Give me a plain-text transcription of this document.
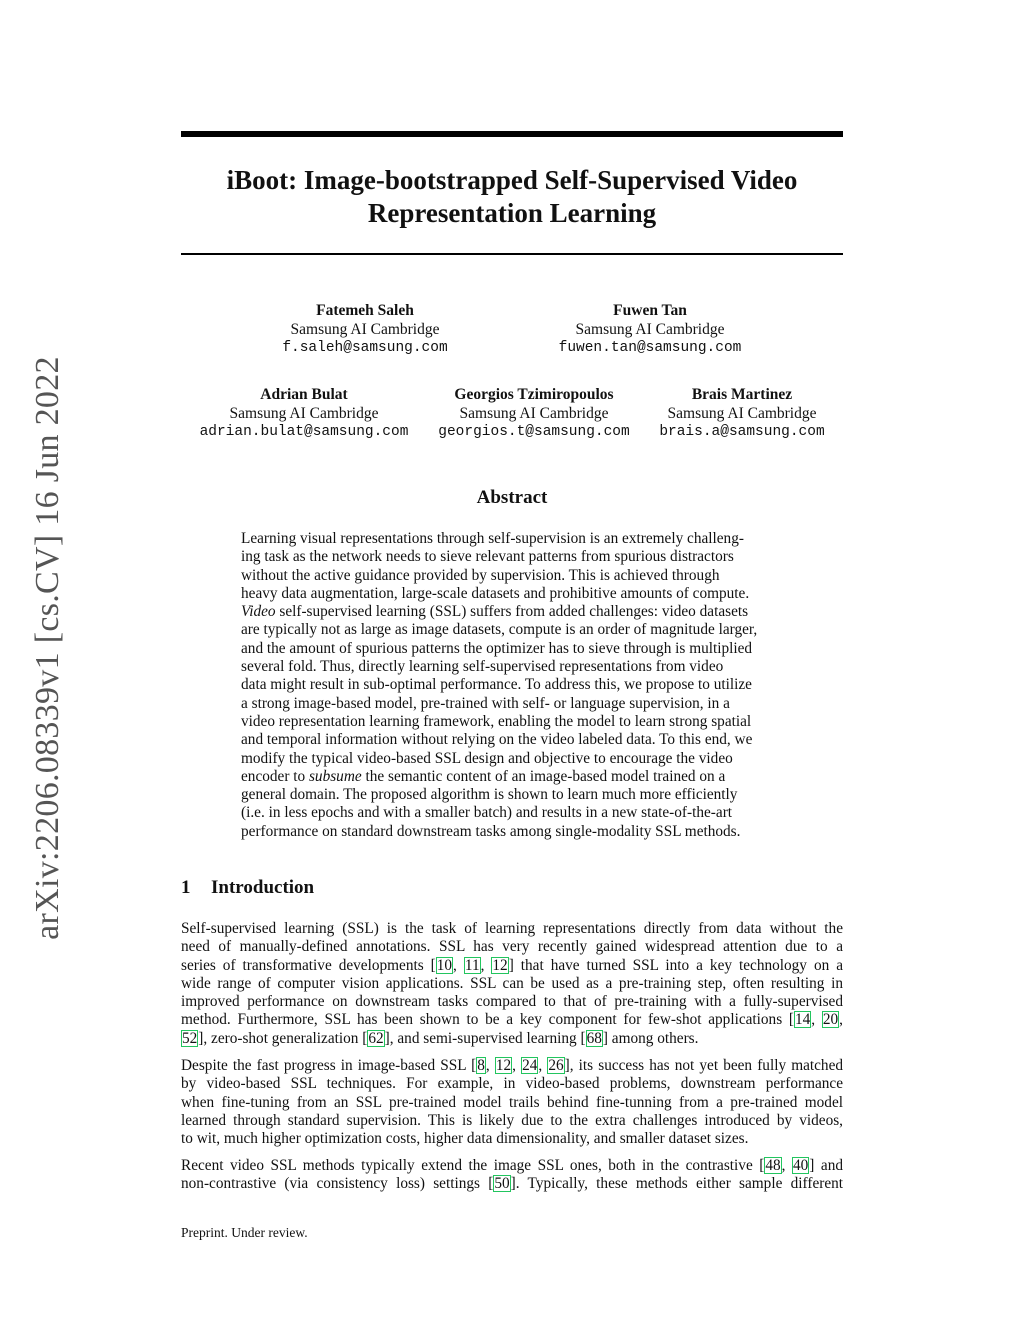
arXiv:2206.08339v1 [cs.CV] 16 Jun 2022
iBoot: Image-bootstrapped Self-Supervised Video
Representation Learning
Fatemeh Saleh
Samsung AI Cambridge
f.saleh@samsung.com
Fuwen Tan
Samsung AI Cambridge
fuwen.tan@samsung.com
Adrian Bulat
Samsung AI Cambridge
adrian.bulat@samsung.com
Georgios Tzimiropoulos
Samsung AI Cambridge
georgios.t@samsung.com
Brais Martinez
Samsung AI Cambridge
brais.a@samsung.com
Abstract
Learning visual representations through self-supervision is an extremely challeng-
ing task as the network needs to sieve relevant patterns from spurious distractors
without the active guidance provided by supervision. This is achieved through
heavy data augmentation, large-scale datasets and prohibitive amounts of compute.
Video self-supervised learning (SSL) suffers from added challenges: video datasets
are typically not as large as image datasets, compute is an order of magnitude larger,
and the amount of spurious patterns the optimizer has to sieve through is multiplied
several fold. Thus, directly learning self-supervised representations from video
data might result in sub-optimal performance. To address this, we propose to utilize
a strong image-based model, pre-trained with self- or language supervision, in a
video representation learning framework, enabling the model to learn strong spatial
and temporal information without relying on the video labeled data. To this end, we
modify the typical video-based SSL design and objective to encourage the video
encoder to subsume the semantic content of an image-based model trained on a
general domain. The proposed algorithm is shown to learn much more efficiently
(i.e. in less epochs and with a smaller batch) and results in a new state-of-the-art
performance on standard downstream tasks among single-modality SSL methods.
1 Introduction
Self-supervised learning (SSL) is the task of learning representations directly from data without the
need of manually-defined annotations. SSL has very recently gained widespread attention due to a
series of transformative developments [10, 11, 12] that have turned SSL into a key technology on a
wide range of computer vision applications. SSL can be used as a pre-training step, often resulting in
improved performance on downstream tasks compared to that of pre-training with a fully-supervised
method. Furthermore, SSL has been shown to be a key component for few-shot applications [14, 20,
52], zero-shot generalization [62], and semi-supervised learning [68] among others.
Despite the fast progress in image-based SSL [8, 12, 24, 26], its success has not yet been fully matched
by video-based SSL techniques. For example, in video-based problems, downstream performance
when fine-tuning from an SSL pre-trained model trails behind fine-tunning from a pre-trained model
learned through standard supervision. This is likely due to the extra challenges introduced by videos,
to wit, much higher optimization costs, higher data dimensionality, and smaller dataset sizes.
Recent video SSL methods typically extend the image SSL ones, both in the contrastive [48, 40] and
non-contrastive (via consistency loss) settings [50]. Typically, these methods either sample different
Preprint. Under review.
